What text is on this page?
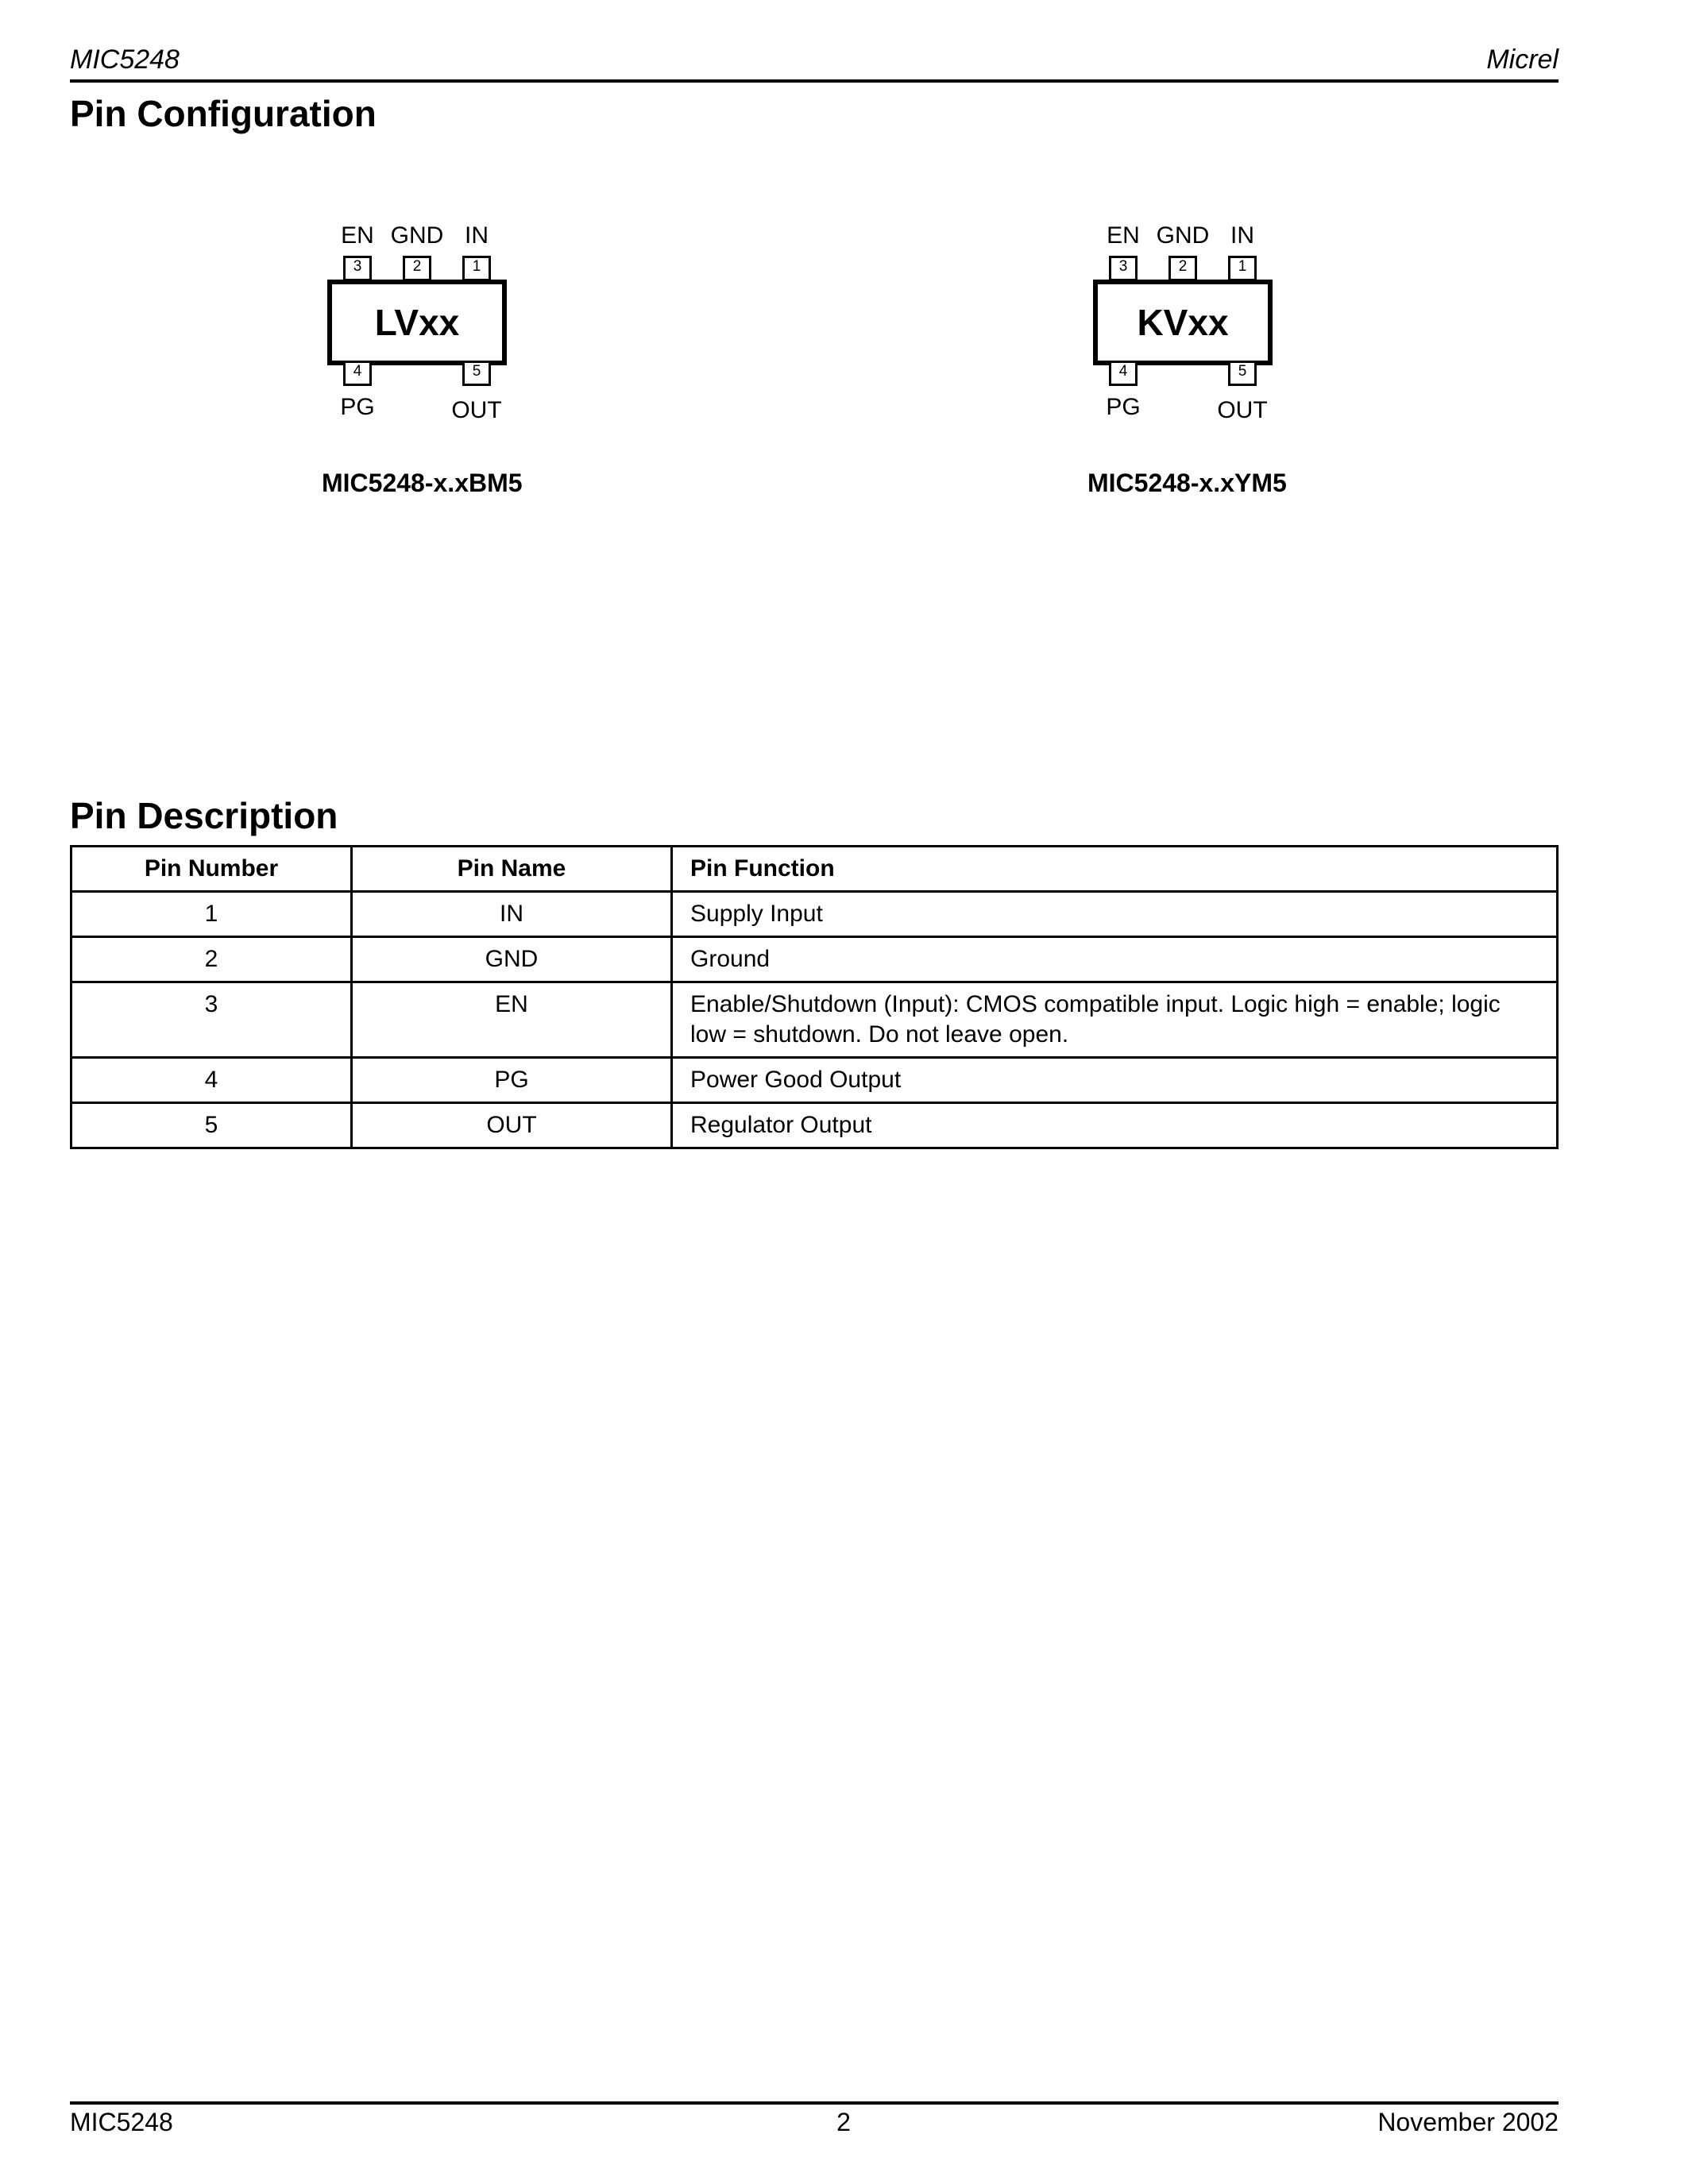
MIC5248	Micrel
Pin Configuration
EN GND IN
3	2	1
LVxx
4	5
PG	OUT
MIC5248-x.xBM5
EN GND IN
3	2	1
KVxx
4	5
PG	OUT
MIC5248-x.xYM5
Pin Description
Pin Number	Pin Name	Pin Function
1	IN	Supply Input
2	GND	Ground
3	EN	Enable/Shutdown (Input): CMOS compatible input. Logic high = enable; logic low = shutdown. Do not leave open.
4	PG	Power Good Output
5	OUT	Regulator Output
MIC5248	2	November 2002
